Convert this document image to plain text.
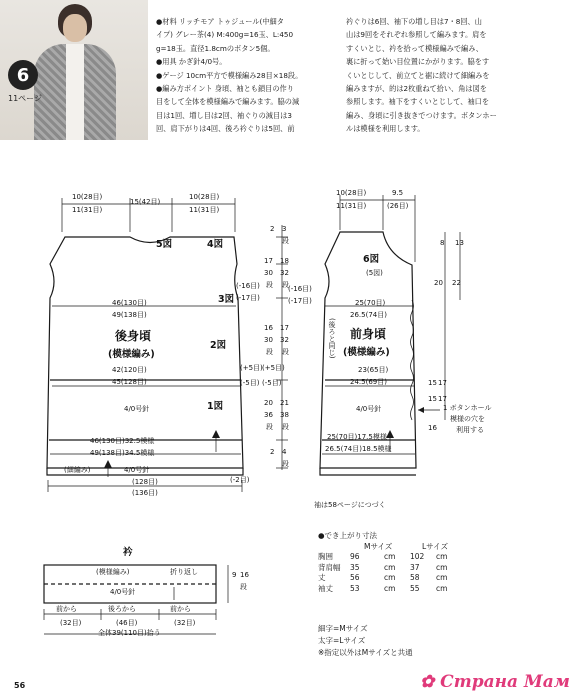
6
11ページ
●材料 リッチモア トゥジュール(中細タ
イプ) グレー茶(4) M:400g=16玉、L:450
g=18玉。直径1.8cmのボタン5個。
●用具 かぎ針4/0号。
●ゲージ 10cm平方で模様編み28目×18段。
●編み方ポイント 身頃、袖とも鎖目の作り
目をして全体を模様編みで編みます。脇の減
目は1回、増し目は2回、袖ぐりの減目は3
回、肩下がりは4回、後ろ衿ぐりは5回、前
衿ぐりは6回、袖下の増し目は7・8回、山
山は9回をそれぞれ参照して編みます。肩を
すくいとじ、衿を拾って模様編みで編み、
裏に折って始い目位置にかがります。脇をす
くいとじして、前立てと裾に続けて細編みを
編みますが、的は2枚重ねて拾い、角は図を
参照します。袖下をすくいとじして、袖口を
編み、身頃に引き抜きでつけます。ボタンホー
ルは模様を利用します。
10(28目)
11(31目)
15(42目)
10(28目)
11(31目)
5図	4図
3図
46(130目)
49(138目)
後身頃
(模様編み)
2図
42(120目)
45(128目)
1図
4/0号針
46(130目)32.5模様
49(138目)34.5模様
(細編み)	4/0号針
(128目)
(136目)
(-16目)
(-17目)
(+5目)
(-5目)
(-2目)
2 3
段
17 18
30 32
段 段 (-16目)
(-17目)
16 17
30 32
段 段
(+5目)
(-5目)
20 21
36 38
段 段
2 4
段
10(28目)
11(31目)
9.5
(26目)
6図
(5図)
25(70目)
26.5(74目)
前身頃
(模様編み)
(後ろと同じ)
23(65目)
24.5(69目)
4/0号針
25(70目)17.5模様
26.5(74目)18.5模様
8 13
20 22
15 17
15 17
16
1 ボタンホール
模様の穴を
利用する
袖は58ページにつづく
衿
(模様編み)	折り返し
4/0号針
9 16
段
前から
(32目)
後ろから
(46目)
前から
(32目)
全体39(110目)拾う
●でき上がり寸法
Mサイズ	Lサイズ
胸囲	96	cm	102	cm
背肩幅	35	cm	37	cm
丈	56	cm	58	cm
袖丈	53	cm	55	cm
細字=Mサイズ
太字=Lサイズ
※指定以外はMサイズと共通
56	✿ Страна Мам
